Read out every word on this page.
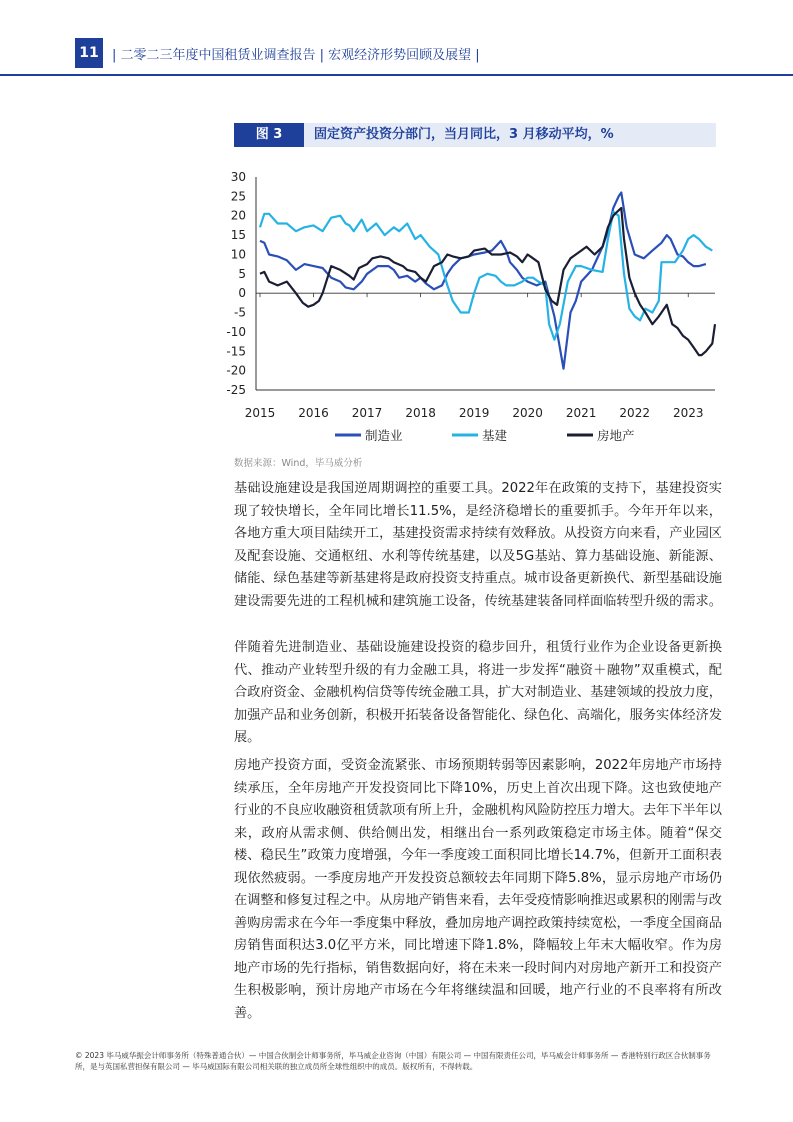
11	| 二零二三年度中国租赁业调查报告 | 宏观经济形势回顾及展望 |
图 3	固定资产投资分部门，当月同比，3 月移动平均，%
30
25
20
15
10
5
0
-5
-10
-15
-20
-25
2015 2016 2017 2018 2019 2020 2021 2022 2023
制造业	基建	房地产
数据来源：Wind，毕马威分析

基础设施建设是我国逆周期调控的重要工具。2022年在政策的支持下，基建投资实现了较快增长，全年同比增长11.5%，是经济稳增长的重要抓手。今年开年以来，各地方重大项目陆续开工，基建投资需求持续有效释放。从投资方向来看，产业园区及配套设施、交通枢纽、水利等传统基建，以及5G基站、算力基础设施、新能源、储能、绿色基建等新基建将是政府投资支持重点。城市设备更新换代、新型基础设施建设需要先进的工程机械和建筑施工设备，传统基建装备同样面临转型升级的需求。

伴随着先进制造业、基础设施建设投资的稳步回升，租赁行业作为企业设备更新换代、推动产业转型升级的有力金融工具，将进一步发挥“融资＋融物”双重模式，配合政府资金、金融机构信贷等传统金融工具，扩大对制造业、基建领域的投放力度，加强产品和业务创新，积极开拓装备设备智能化、绿色化、高端化，服务实体经济发展。

房地产投资方面，受资金流紧张、市场预期转弱等因素影响，2022年房地产市场持续承压，全年房地产开发投资同比下降10%，历史上首次出现下降。这也致使地产行业的不良应收融资租赁款项有所上升，金融机构风险防控压力增大。去年下半年以来，政府从需求侧、供给侧出发，相继出台一系列政策稳定市场主体。随着“保交楼、稳民生”政策力度增强，今年一季度竣工面积同比增长14.7%，但新开工面积表现依然疲弱。一季度房地产开发投资总额较去年同期下降5.8%，显示房地产市场仍在调整和修复过程之中。从房地产销售来看，去年受疫情影响推迟或累积的刚需与改善购房需求在今年一季度集中释放，叠加房地产调控政策持续宽松，一季度全国商品房销售面积达3.0亿平方米，同比增速下降1.8%，降幅较上年末大幅收窄。作为房地产市场的先行指标，销售数据向好，将在未来一段时间内对房地产新开工和投资产生积极影响，预计房地产市场在今年将继续温和回暖，地产行业的不良率将有所改善。

© 2023 毕马威华振会计师事务所（特殊普通合伙）— 中国合伙制会计师事务所，毕马威企业咨询（中国）有限公司 — 中国有限责任公司，毕马威会计师事务所 — 香港特别行政区合伙制事务所，是与英国私营担保有限公司 — 毕马威国际有限公司相关联的独立成员所全球性组织中的成员。版权所有，不得转载。
